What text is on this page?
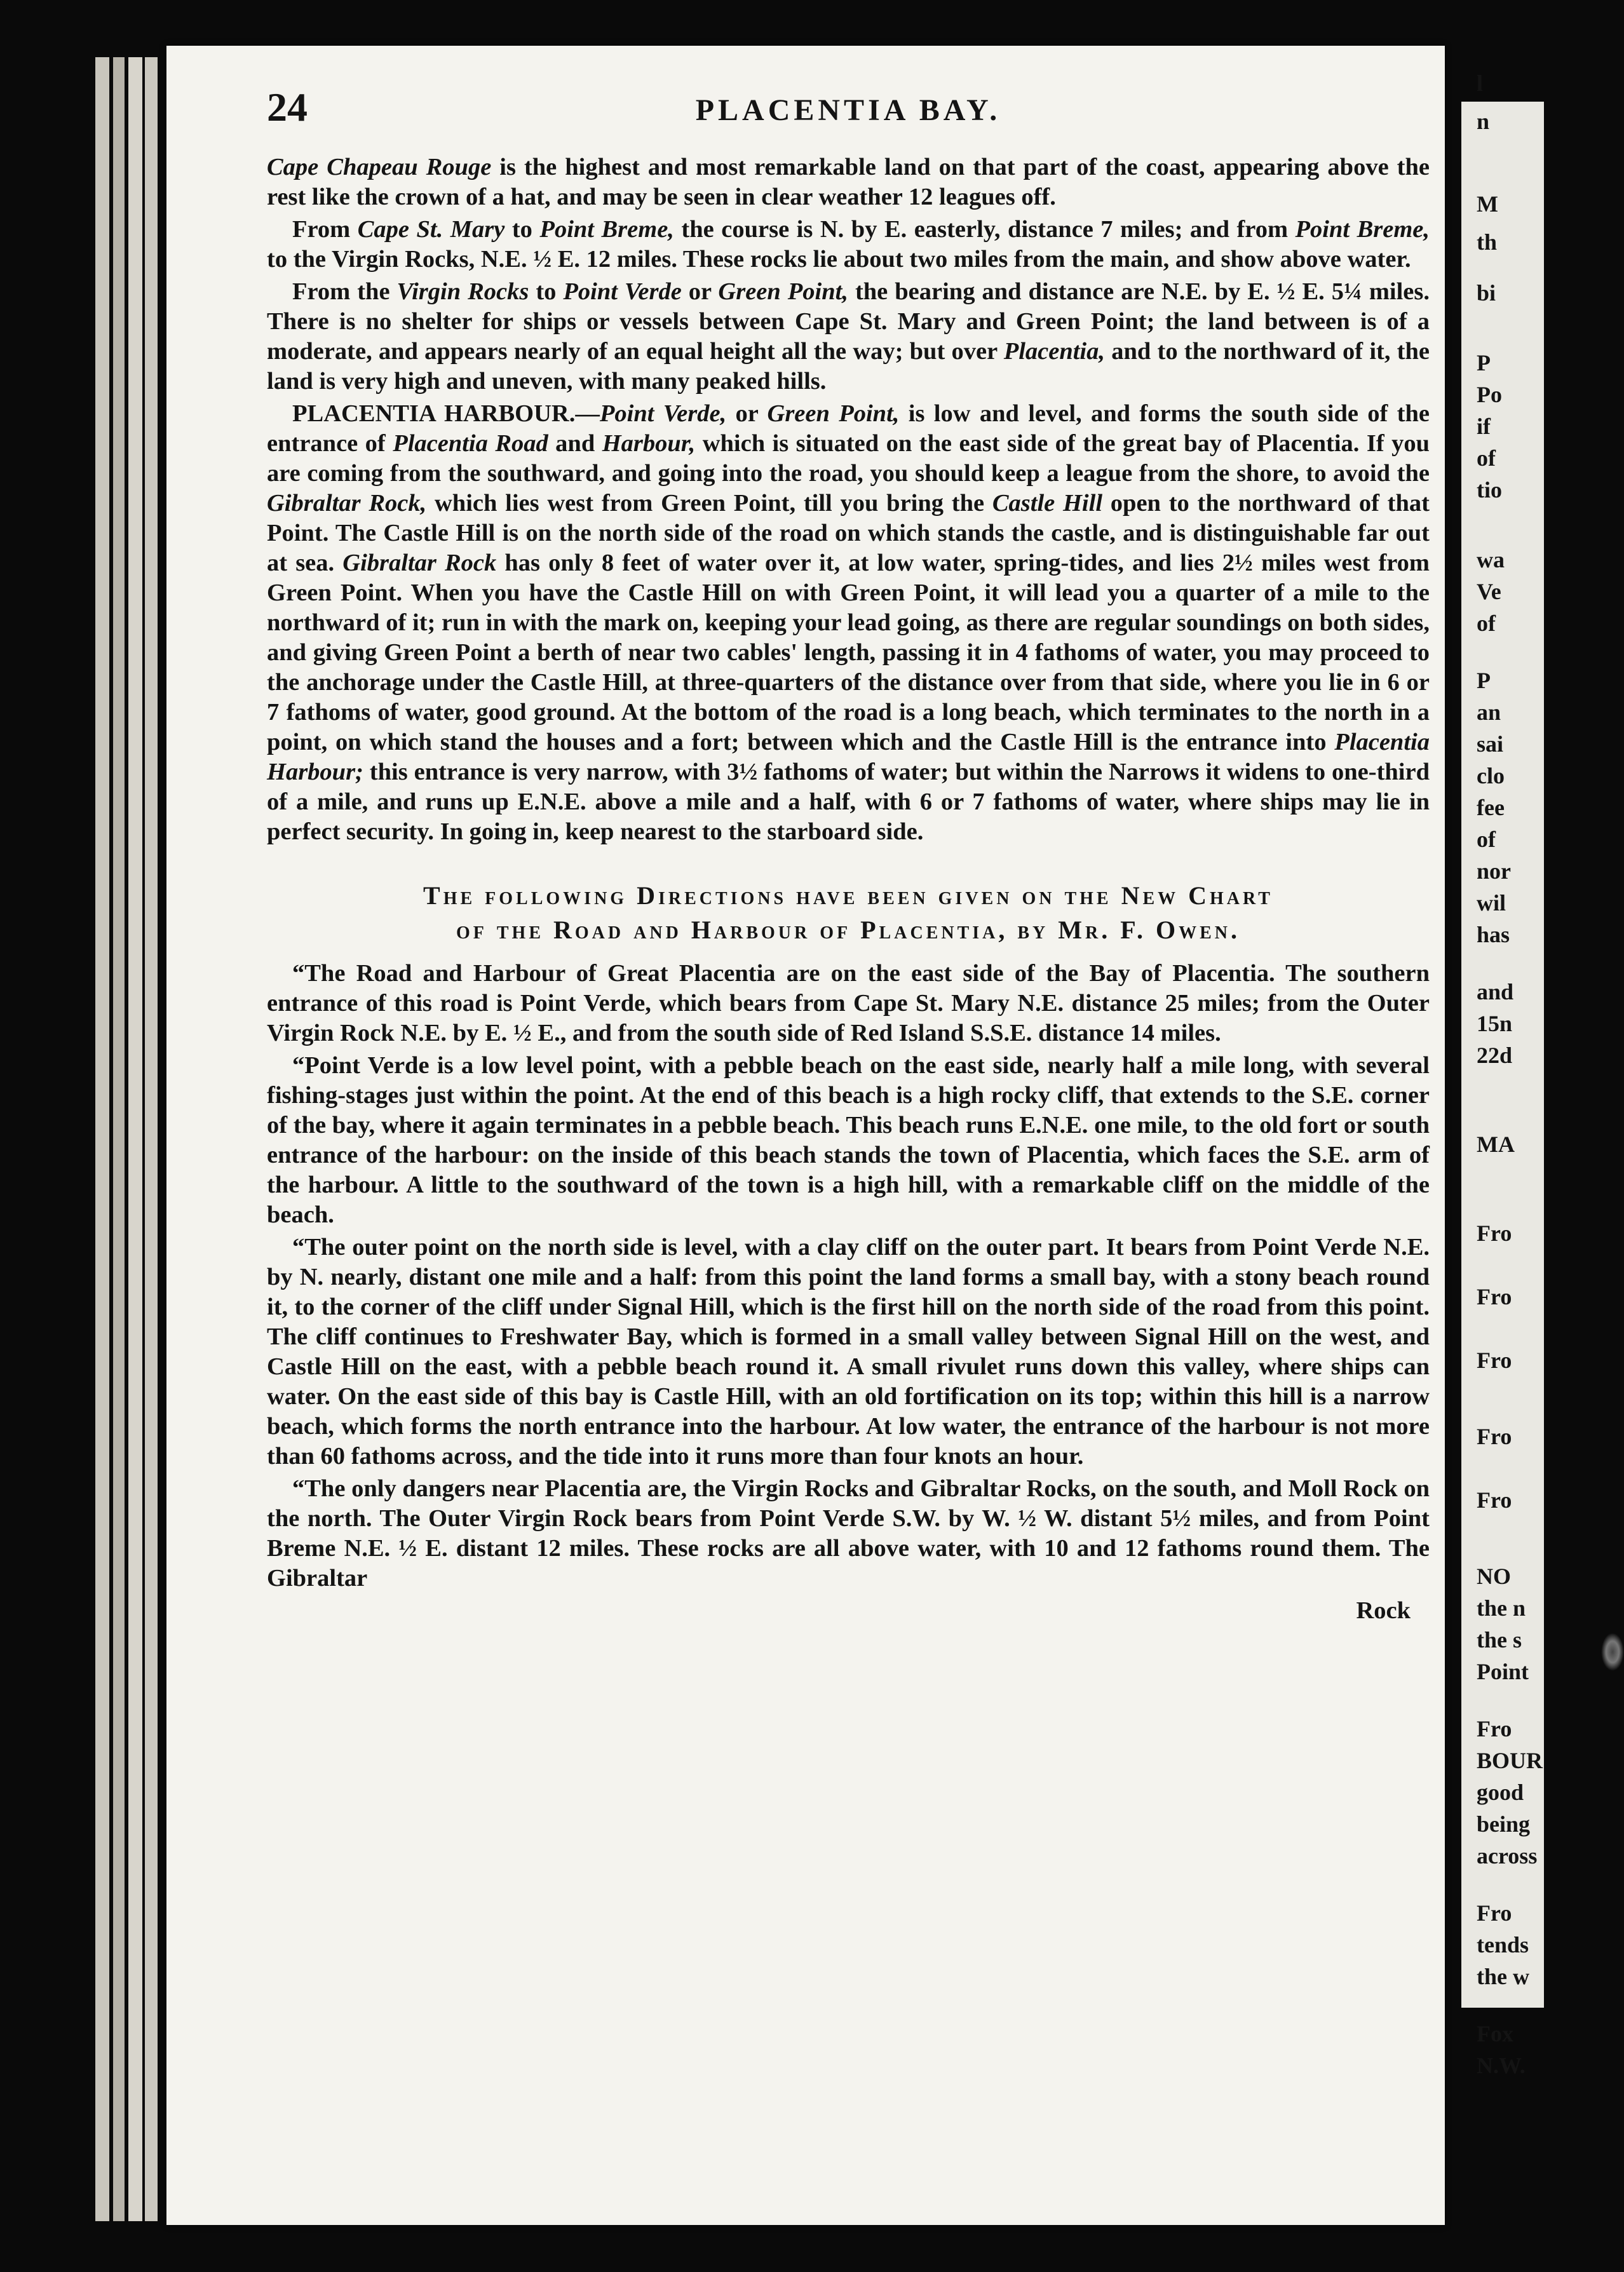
24	PLACENTIA BAY.

Cape Chapeau Rouge is the highest and most remarkable land on that part of the coast, appearing above the rest like the crown of a hat, and may be seen in clear weather 12 leagues off.

From Cape St. Mary to Point Breme, the course is N. by E. easterly, distance 7 miles; and from Point Breme, to the Virgin Rocks, N.E. ½ E. 12 miles. These rocks lie about two miles from the main, and show above water.

From the Virgin Rocks to Point Verde or Green Point, the bearing and distance are N.E. by E. ½ E. 5¼ miles. There is no shelter for ships or vessels between Cape St. Mary and Green Point; the land between is of a moderate, and appears nearly of an equal height all the way; but over Placentia, and to the northward of it, the land is very high and uneven, with many peaked hills.

PLACENTIA HARBOUR.—Point Verde, or Green Point, is low and level, and forms the south side of the entrance of Placentia Road and Harbour, which is situated on the east side of the great bay of Placentia. If you are coming from the southward, and going into the road, you should keep a league from the shore, to avoid the Gibraltar Rock, which lies west from Green Point, till you bring the Castle Hill open to the northward of that Point. The Castle Hill is on the north side of the road on which stands the castle, and is distinguishable far out at sea. Gibraltar Rock has only 8 feet of water over it, at low water, spring-tides, and lies 2½ miles west from Green Point. When you have the Castle Hill on with Green Point, it will lead you a quarter of a mile to the northward of it; run in with the mark on, keeping your lead going, as there are regular soundings on both sides, and giving Green Point a berth of near two cables' length, passing it in 4 fathoms of water, you may proceed to the anchorage under the Castle Hill, at three-quarters of the distance over from that side, where you lie in 6 or 7 fathoms of water, good ground. At the bottom of the road is a long beach, which terminates to the north in a point, on which stand the houses and a fort; between which and the Castle Hill is the entrance into Placentia Harbour; this entrance is very narrow, with 3½ fathoms of water; but within the Narrows it widens to one-third of a mile, and runs up E.N.E. above a mile and a half, with 6 or 7 fathoms of water, where ships may lie in perfect security. In going in, keep nearest to the starboard side.

The following Directions have been given on the New Chart
of the Road and Harbour of Placentia, by Mr. F. Owen.

“The Road and Harbour of Great Placentia are on the east side of the Bay of Placentia. The southern entrance of this road is Point Verde, which bears from Cape St. Mary N.E. distance 25 miles; from the Outer Virgin Rock N.E. by E. ½ E., and from the south side of Red Island S.S.E. distance 14 miles.

“Point Verde is a low level point, with a pebble beach on the east side, nearly half a mile long, with several fishing-stages just within the point. At the end of this beach is a high rocky cliff, that extends to the S.E. corner of the bay, where it again terminates in a pebble beach. This beach runs E.N.E. one mile, to the old fort or south entrance of the harbour: on the inside of this beach stands the town of Placentia, which faces the S.E. arm of the harbour. A little to the southward of the town is a high hill, with a remarkable cliff on the middle of the beach.

“The outer point on the north side is level, with a clay cliff on the outer part. It bears from Point Verde N.E. by N. nearly, distant one mile and a half: from this point the land forms a small bay, with a stony beach round it, to the corner of the cliff under Signal Hill, which is the first hill on the north side of the road from this point. The cliff continues to Freshwater Bay, which is formed in a small valley between Signal Hill on the west, and Castle Hill on the east, with a pebble beach round it. A small rivulet runs down this valley, where ships can water. On the east side of this bay is Castle Hill, with an old fortification on its top; within this hill is a narrow beach, which forms the north entrance into the harbour. At low water, the entrance of the harbour is not more than 60 fathoms across, and the tide into it runs more than four knots an hour.

“The only dangers near Placentia are, the Virgin Rocks and Gibraltar Rocks, on the south, and Moll Rock on the north. The Outer Virgin Rock bears from Point Verde S.W. by W. ½ W. distant 5½ miles, and from Point Breme N.E. ½ E. distant 12 miles. These rocks are all above water, with 10 and 12 fathoms round them. The Gibraltar

Rock
l
n
M
th
bi
P
Po
if
of
tio
wa
Ve
of
P
an
sai
clo
fee
of
nor
wil
has
and
15n
22d
MA
Fro
Fro
Fro
Fro
Fro
NO
the n
the s
Point
Fro
BOUR
good
being
across
Fro
tends
the w
Fox
N.W.
